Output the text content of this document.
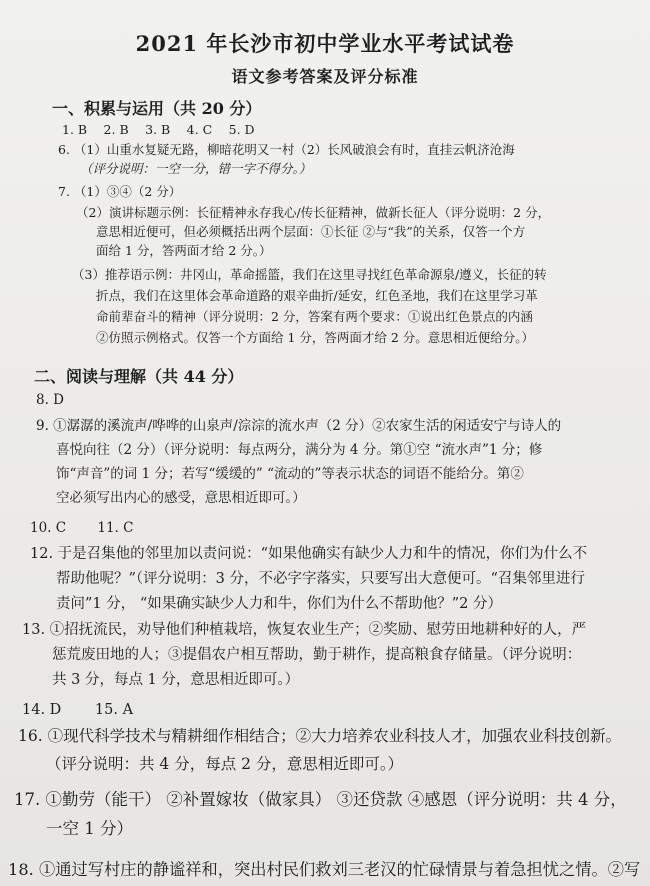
2021 年长沙市初中学业水平考试试卷
语文参考答案及评分标准
一、积累与运用（共 20 分）
1. B　 2. B　 3. B　 4. C　 5. D
6. （1）山重水复疑无路，柳暗花明又一村（2）长风破浪会有时，直挂云帆济沧海
（评分说明：一空一分，错一字不得分。）
7. （1）③④（2 分）
（2）演讲标题示例：长征精神永存我心/传长征精神，做新长征人（评分说明：2 分，
意思相近便可，但必须概括出两个层面：①长征 ②与“我”的关系，仅答一个方
面给 1 分，答两面才给 2 分。）
（3）推荐语示例：井冈山，革命摇篮，我们在这里寻找红色革命源泉/遵义，长征的转
折点，我们在这里体会革命道路的艰辛曲折/延安，红色圣地，我们在这里学习革
命前辈奋斗的精神（评分说明：2 分，答案有两个要求：①说出红色景点的内涵
②仿照示例格式。仅答一个方面给 1 分，答两面才给 2 分。意思相近便给分。）
二、阅读与理解（共 44 分）
8. D
9. ①潺潺的溪流声/哗哗的山泉声/淙淙的流水声（2 分）②农家生活的闲适安宁与诗人的
喜悦向往（2 分）（评分说明：每点两分，满分为 4 分。第①空 “流水声”1 分；修
饰“声音”的词 1 分；若写“缓缓的” “流动的”等表示状态的词语不能给分。第②
空必须写出内心的感受，意思相近即可。）
10. C　　 11. C
12. 于是召集他的邻里加以责问说：“如果他确实有缺少人力和牛的情况，你们为什么不
帮助他呢？”（评分说明：3 分，不必字字落实，只要写出大意便可。“召集邻里进行
责问”1 分， “如果确实缺少人力和牛，你们为什么不帮助他？”2 分）
13. ①招抚流民，劝导他们种植栽培，恢复农业生产；②奖励、慰劳田地耕种好的人，严
惩荒废田地的人；③提倡农户相互帮助，勤于耕作，提高粮食存储量。（评分说明：
共 3 分，每点 1 分，意思相近即可。）
14. D　　 15. A
16. ①现代科学技术与精耕细作相结合；②大力培养农业科技人才，加强农业科技创新。
（评分说明：共 4 分，每点 2 分，意思相近即可。）
17. ①勤劳（能干） ②补置嫁妆（做家具） ③还贷款 ④感恩（评分说明：共 4 分，
一空 1 分）
18. ①通过写村庄的静谧祥和，突出村民们救刘三老汉的忙碌情景与着急担忧之情。②写
